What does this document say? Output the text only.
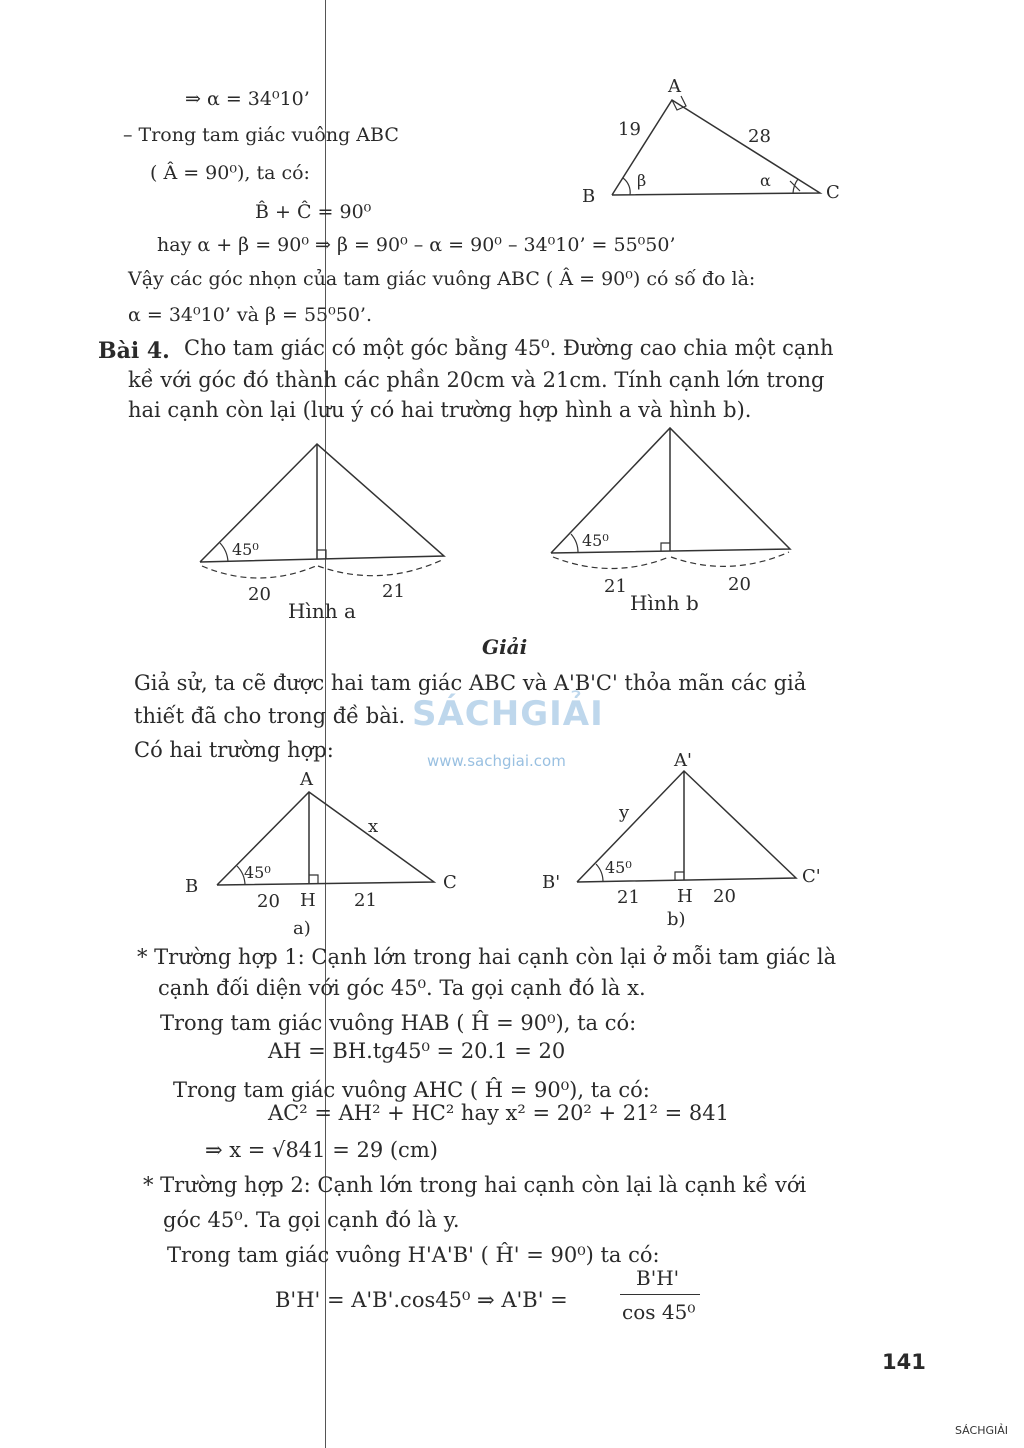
⇒ α = 34⁰10’
– Trong tam giác vuông ABC
( Â = 90⁰), ta có:
B̂ + Ĉ = 90⁰
hay α + β = 90⁰ ⇒ β = 90⁰ – α = 90⁰ – 34⁰10’ = 55⁰50’
Vậy các góc nhọn của tam giác vuông ABC ( Â = 90⁰) có số đo là:
α = 34⁰10’ và β = 55⁰50’.
Bài 4. Cho tam giác có một góc bằng 45⁰. Đường cao chia một cạnh
kề với góc đó thành các phần 20cm và 21cm. Tính cạnh lớn trong
hai cạnh còn lại (lưu ý có hai trường hợp hình a và hình b).
Giải
Giả sử, ta cẽ được hai tam giác ABC và A'B'C' thỏa mãn các giả
thiết đã cho trong đề bài.
Có hai trường hợp:
* Trường hợp 1: Cạnh lớn trong hai cạnh còn lại ở mỗi tam giác là
cạnh đối diện với góc 45⁰. Ta gọi cạnh đó là x.
Trong tam giác vuông HAB ( Ĥ = 90⁰), ta có:
AH = BH.tg45⁰ = 20.1 = 20
Trong tam giác vuông AHC ( Ĥ = 90⁰), ta có:
AC² = AH² + HC² hay x² = 20² + 21² = 841
⇒ x = √841 = 29 (cm)
* Trường hợp 2: Cạnh lớn trong hai cạnh còn lại là cạnh kề với
góc 45⁰. Ta gọi cạnh đó là y.
Trong tam giác vuông H'A'B' ( Ĥ' = 90⁰) ta có:
B'H' = A'B'.cos45⁰ ⇒ A'B' =
B'H'
cos 45⁰
A
B	C
19	28
β	α
45⁰
20	21
Hình a
45⁰
21	20
Hình b
A
B	C
x
45⁰
20 H 21
a)
A'
B'	C'
y
45⁰
21 H 20
b)
SÁCHGIẢI
www.sachgiai.com
141
SÁCHGIẢI
